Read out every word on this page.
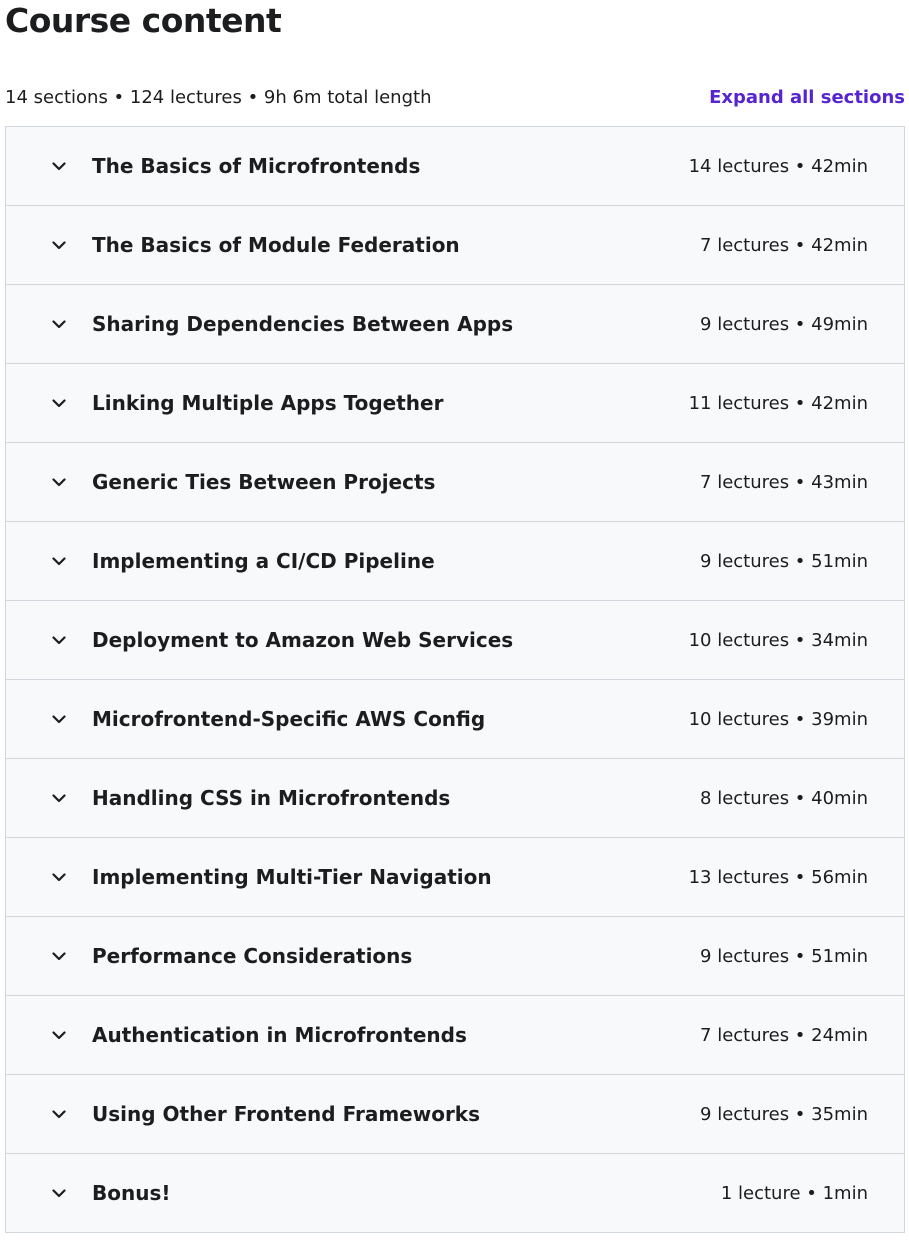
Course content
14 sections • 124 lectures • 9h 6m total length	Expand all sections
The Basics of Microfrontends	14 lectures • 42min
The Basics of Module Federation	7 lectures • 42min
Sharing Dependencies Between Apps	9 lectures • 49min
Linking Multiple Apps Together	11 lectures • 42min
Generic Ties Between Projects	7 lectures • 43min
Implementing a CI/CD Pipeline	9 lectures • 51min
Deployment to Amazon Web Services	10 lectures • 34min
Microfrontend-Specific AWS Config	10 lectures • 39min
Handling CSS in Microfrontends	8 lectures • 40min
Implementing Multi-Tier Navigation	13 lectures • 56min
Performance Considerations	9 lectures • 51min
Authentication in Microfrontends	7 lectures • 24min
Using Other Frontend Frameworks	9 lectures • 35min
Bonus!	1 lecture • 1min
